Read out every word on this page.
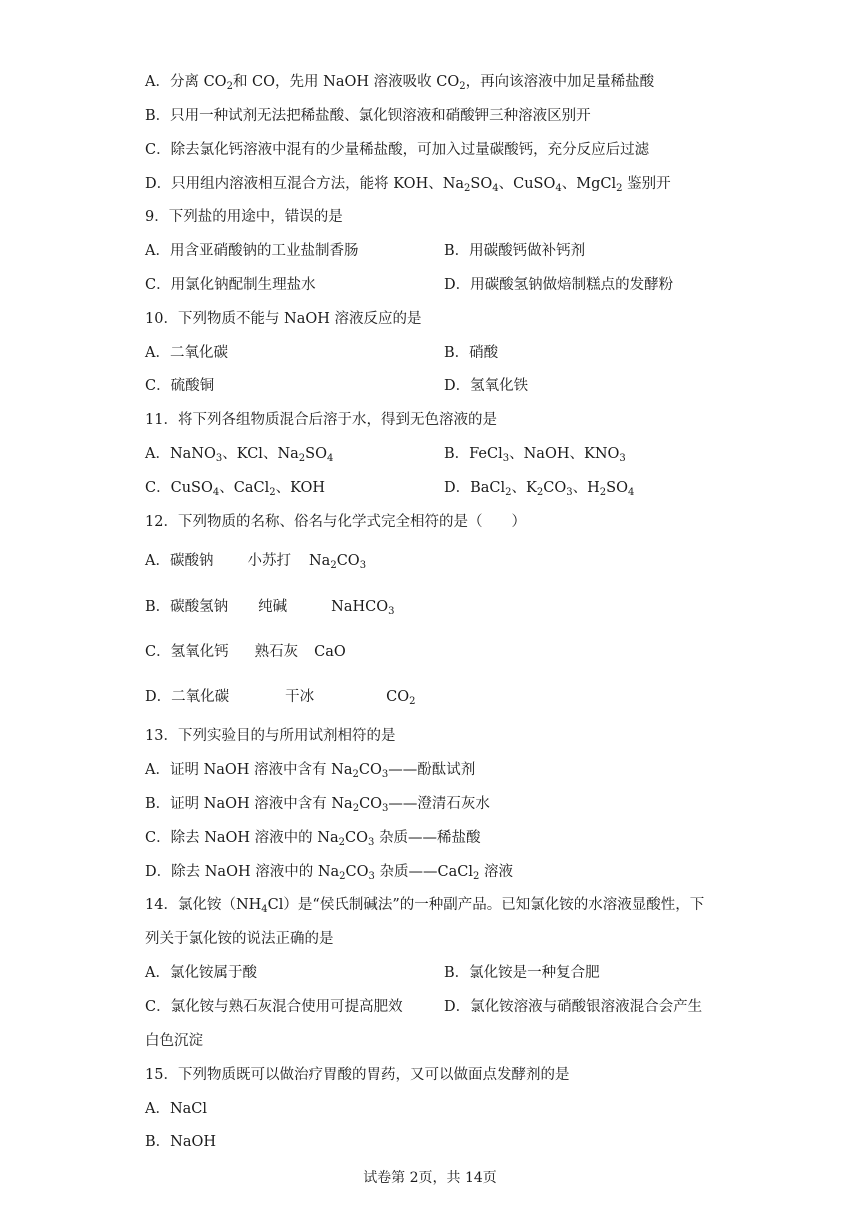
A．分离 $CO_2$和 CO，先用 NaOH 溶液吸收 $CO_2$，再向该溶液中加足量稀盐酸
B．只用一种试剂无法把稀盐酸、氯化钡溶液和硝酸钾三种溶液区别开
C．除去氯化钙溶液中混有的少量稀盐酸，可加入过量碳酸钙，充分反应后过滤
D．只用组内溶液相互混合方法，能将 KOH、$Na_2SO_4$、CuSO$_4$、MgCl$_2$ 鉴别开
9．下列盐的用途中，错误的是
A．用含亚硝酸钠的工业盐制香肠	B．用碳酸钙做补钙剂
C．用氯化钠配制生理盐水	D．用碳酸氢钠做焙制糕点的发酵粉
10．下列物质不能与 NaOH 溶液反应的是
A．二氧化碳	B．硝酸
C．硫酸铜	D．氢氧化铁
11．将下列各组物质混合后溶于水，得到无色溶液的是
A．NaNO$_3$、KCl、$Na_2SO_4$	B．FeCl$_3$、NaOH、$KNO_3$
C．CuSO$_4$、CaCl$_2$、KOH	D．BaCl$_2$、$K_2CO_3$、$H_2SO_4$
12．下列物质的名称、俗名与化学式完全相符的是（　　）
A．碳酸钠 小苏打 $Na_2CO_3$
B．碳酸氢钠 纯碱	NaHCO$_3$
C．氢氧化钙 熟石灰 CaO
D．二氧化碳	干冰	$CO_2$
13．下列实验目的与所用试剂相符的是
A．证明 NaOH 溶液中含有 $Na_2CO_3——$酚酞试剂
B．证明 NaOH 溶液中含有 $Na_2CO_3——$澄清石灰水
C．除去 NaOH 溶液中的 $Na_2CO_3$ 杂质——稀盐酸
D．除去 NaOH 溶液中的 $Na_2CO_3$ 杂质——CaCl$_2$ 溶液
14．氯化铵$(NH_4Cl)$是“侯氏制碱法”的一种副产品。已知氯化铵的水溶液显酸性，下
列关于氯化铵的说法正确的是
A．氯化铵属于酸	B．氯化铵是一种复合肥
C．氯化铵与熟石灰混合使用可提高肥效	D．氯化铵溶液与硝酸银溶液混合会产生
白色沉淀
15．下列物质既可以做治疗胃酸的胃药，又可以做面点发酵剂的是
A．NaCl
B．NaOH
试卷第 2页，共 14页
